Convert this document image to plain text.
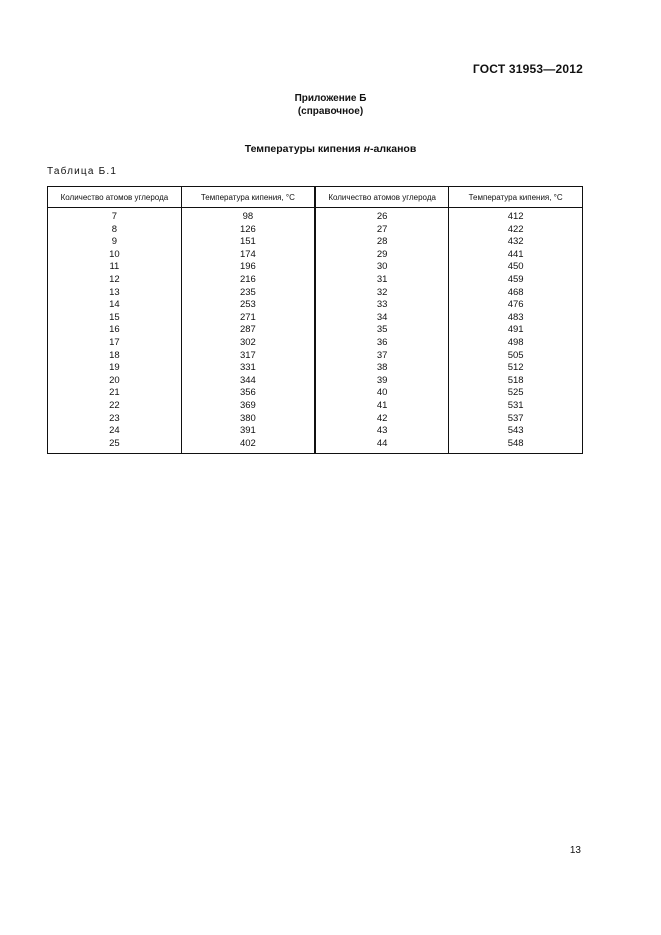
ГОСТ 31953—2012
Приложение Б
(справочное)
Температуры кипения н-алканов
Таблица Б.1
Количество атомов углерода	Температура кипения, °С	Количество атомов углерода	Температура кипения, °С
7	98	26	412
8	126	27	422
9	151	28	432
10	174	29	441
11	196	30	450
12	216	31	459
13	235	32	468
14	253	33	476
15	271	34	483
16	287	35	491
17	302	36	498
18	317	37	505
19	331	38	512
20	344	39	518
21	356	40	525
22	369	41	531
23	380	42	537
24	391	43	543
25	402	44	548
13
